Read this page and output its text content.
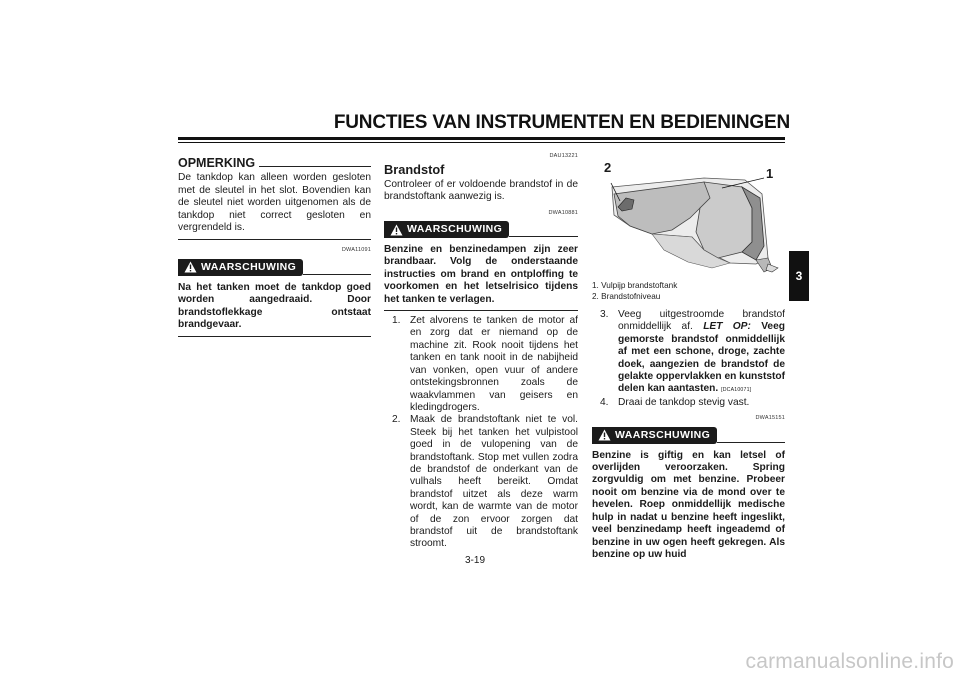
FUNCTIES VAN INSTRUMENTEN EN BEDIENINGEN
3
OPMERKING
De tankdop kan alleen worden gesloten met de sleutel in het slot. Bovendien kan de sleutel niet worden uitgenomen als de tankdop niet correct gesloten en vergrendeld is.
DWA11091
WAARSCHUWING
Na het tanken moet de tankdop goed worden aangedraaid. Door brandstoflekkage ontstaat brandgevaar.
DAU13221
Brandstof
Controleer of er voldoende brandstof in de brandstoftank aanwezig is.
DWA10881
WAARSCHUWING
Benzine en benzinedampen zijn zeer brandbaar. Volg de onderstaande instructies om brand en ontploffing te voorkomen en het letselrisico tijdens het tanken te verlagen.
1. Zet alvorens te tanken de motor af en zorg dat er niemand op de machine zit. Rook nooit tijdens het tanken en tank nooit in de nabijheid van vonken, open vuur of andere ontstekingsbronnen zoals de waakvlammen van geisers en kledingdrogers.
2. Maak de brandstoftank niet te vol. Steek bij het tanken het vulpistool goed in de vulopening van de brandstoftank. Stop met vullen zodra de brandstof de onderkant van de vulhals heeft bereikt. Omdat brandstof uitzet als deze warm wordt, kan de warmte van de motor of de zon ervoor zorgen dat brandstof uit de brandstoftank stroomt.
2	1
1. Vulpijp brandstoftank
2. Brandstofniveau
3. Veeg uitgestroomde brandstof onmiddellijk af. LET OP: Veeg gemorste brandstof onmiddellijk af met een schone, droge, zachte doek, aangezien de brandstof de gelakte oppervlakken en kunststof delen kan aantasten. [DCA10071]
4. Draai de tankdop stevig vast.
DWA15151
WAARSCHUWING
Benzine is giftig en kan letsel of overlijden veroorzaken. Spring zorgvuldig om met benzine. Probeer nooit om benzine via de mond over te hevelen. Roep onmiddellijk medische hulp in nadat u benzine heeft ingeslikt, veel benzinedamp heeft ingeademd of benzine in uw ogen heeft gekregen. Als benzine op uw huid
3-19
carmanualsonline.info
